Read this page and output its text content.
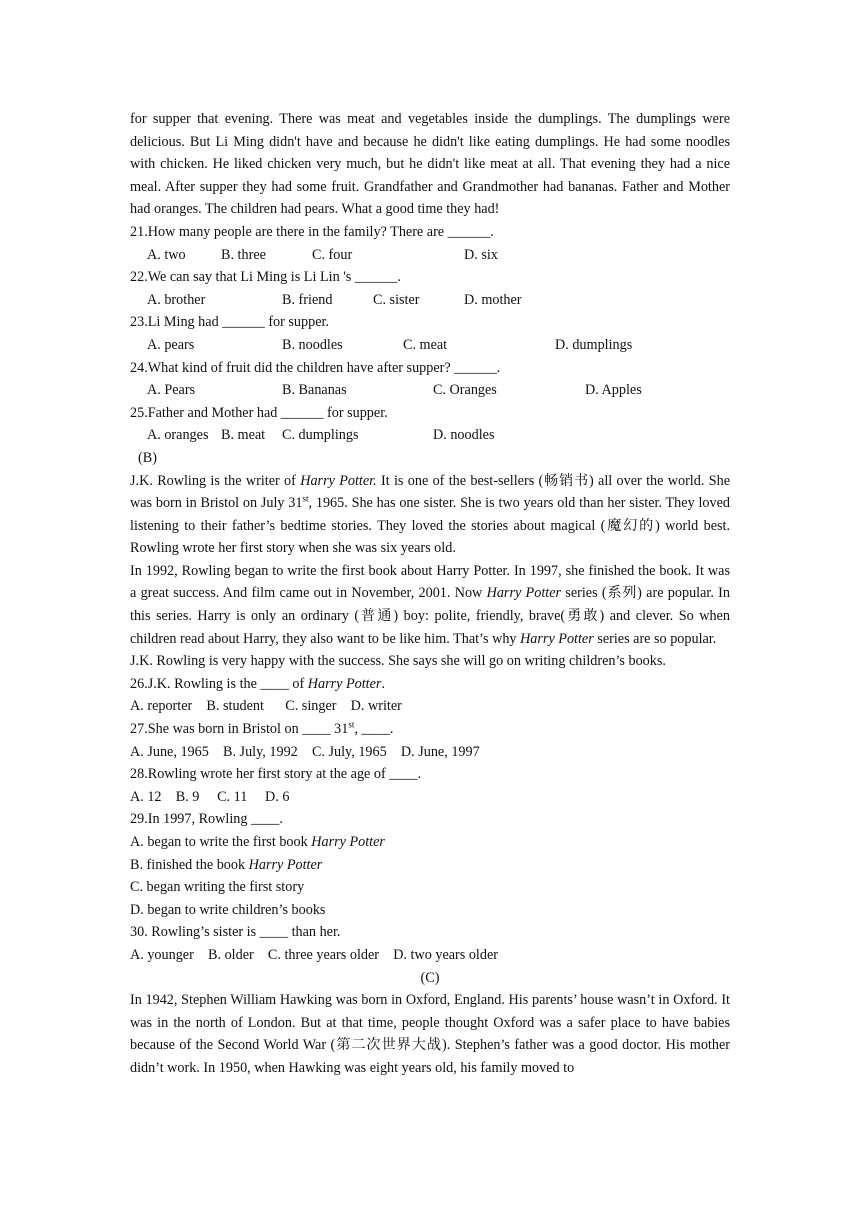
for supper that evening. There was meat and vegetables inside the dumplings. The dumplings were delicious. But Li Ming didn't have and because he didn't like eating dumplings. He had some noodles with chicken. He liked chicken very much, but he didn't like meat at all. That evening they had a nice meal. After supper they had some fruit. Grandfather and Grandmother had bananas. Father and Mother had oranges. The children had pears. What a good time they had!

21.How many people are there in the family? There are ______.

A. two B. three	C. four	D. six

22.We can say that Li Ming is Li Lin 's ______.

A. brother	B. friend	C. sister	D. mother

23.Li Ming had ______ for supper.

A. pears	B. noodles	C. meat	D. dumplings

24.What kind of fruit did the children have after supper? ______.

A. Pears	B. Bananas	C. Oranges	D. Apples

25.Father and Mother had ______ for supper.

A. oranges B. meat C. dumplings	D. noodles

(B)

J.K. Rowling is the writer of Harry Potter. It is one of the best-sellers (畅销书) all over the world. She was born in Bristol on July 31st, 1965. She has one sister. She is two years old than her sister. They loved listening to their father’s bedtime stories. They loved the stories about magical (魔幻的) world best. Rowling wrote her first story when she was six years old.

In 1992, Rowling began to write the first book about Harry Potter. In 1997, she finished the book. It was a great success. And film came out in November, 2001. Now Harry Potter series (系列) are popular. In this series. Harry is only an ordinary (普通) boy: polite, friendly, brave(勇敢) and clever. So when children read about Harry, they also want to be like him. That’s why Harry Potter series are so popular.

J.K. Rowling is very happy with the success. She says she will go on writing children’s books.

26.J.K. Rowling is the ____ of Harry Potter.

A. reporter    B. student      C. singer    D. writer

27.She was born in Bristol on ____ 31st, ____.

A. June, 1965    B. July, 1992    C. July, 1965    D. June, 1997

28.Rowling wrote her first story at the age of ____.

A. 12    B. 9     C. 11     D. 6

29.In 1997, Rowling ____.

A. began to write the first book Harry Potter

B. finished the book Harry Potter

C. began writing the first story

D. began to write children’s books

30. Rowling’s sister is ____ than her.

A. younger    B. older    C. three years older    D. two years older

(C)

In 1942, Stephen William Hawking was born in Oxford, England. His parents’ house wasn’t in Oxford. It was in the north of London. But at that time, people thought Oxford was a safer place to have babies because of the Second World War (第二次世界大战). Stephen’s father was a good doctor. His mother didn’t work. In 1950, when Hawking was eight years old, his family moved to
